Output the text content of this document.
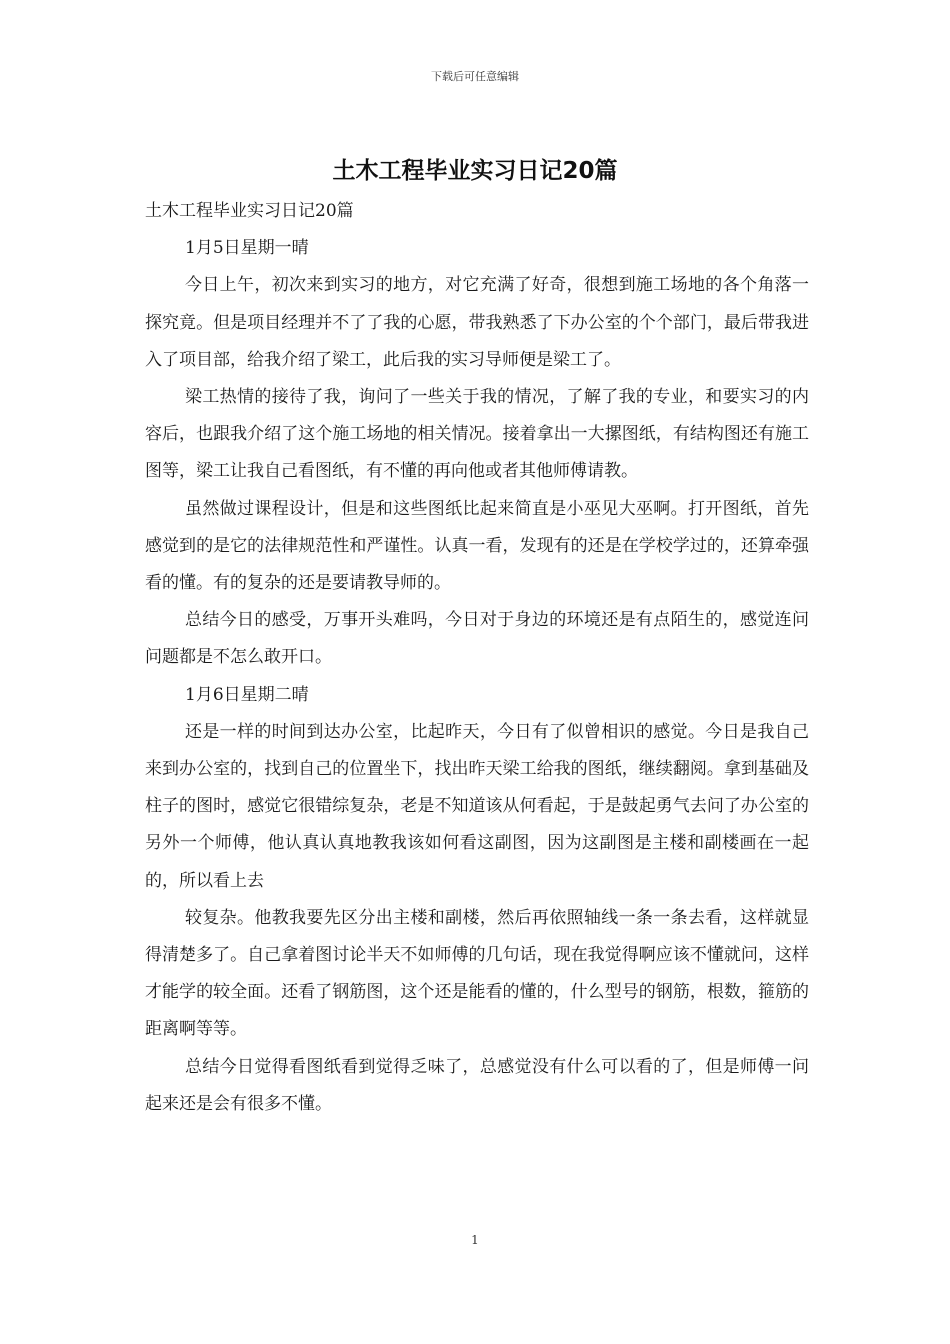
下载后可任意编辑
土木工程毕业实习日记20篇

土木工程毕业实习日记20篇

1月5日星期一晴

今日上午，初次来到实习的地方，对它充满了好奇，很想到施工场地的各个角落一探究竟。但是项目经理并不了了我的心愿，带我熟悉了下办公室的个个部门，最后带我进入了项目部，给我介绍了梁工，此后我的实习导师便是梁工了。

梁工热情的接待了我，询问了一些关于我的情况，了解了我的专业，和要实习的内容后，也跟我介绍了这个施工场地的相关情况。接着拿出一大摞图纸，有结构图还有施工图等，梁工让我自己看图纸，有不懂的再向他或者其他师傅请教。

虽然做过课程设计，但是和这些图纸比起来简直是小巫见大巫啊。打开图纸，首先感觉到的是它的法律规范性和严谨性。认真一看，发现有的还是在学校学过的，还算牵强看的懂。有的复杂的还是要请教导师的。

总结今日的感受，万事开头难吗，今日对于身边的环境还是有点陌生的，感觉连问问题都是不怎么敢开口。

1月6日星期二晴

还是一样的时间到达办公室，比起昨天，今日有了似曾相识的感觉。今日是我自己来到办公室的，找到自己的位置坐下，找出昨天梁工给我的图纸，继续翻阅。拿到基础及柱子的图时，感觉它很错综复杂，老是不知道该从何看起，于是鼓起勇气去问了办公室的另外一个师傅，他认真认真地教我该如何看这副图，因为这副图是主楼和副楼画在一起的，所以看上去

较复杂。他教我要先区分出主楼和副楼，然后再依照轴线一条一条去看，这样就显得清楚多了。自己拿着图讨论半天不如师傅的几句话，现在我觉得啊应该不懂就问，这样才能学的较全面。还看了钢筋图，这个还是能看的懂的，什么型号的钢筋，根数，箍筋的距离啊等等。

总结今日觉得看图纸看到觉得乏味了，总感觉没有什么可以看的了，但是师傅一问起来还是会有很多不懂。

1
